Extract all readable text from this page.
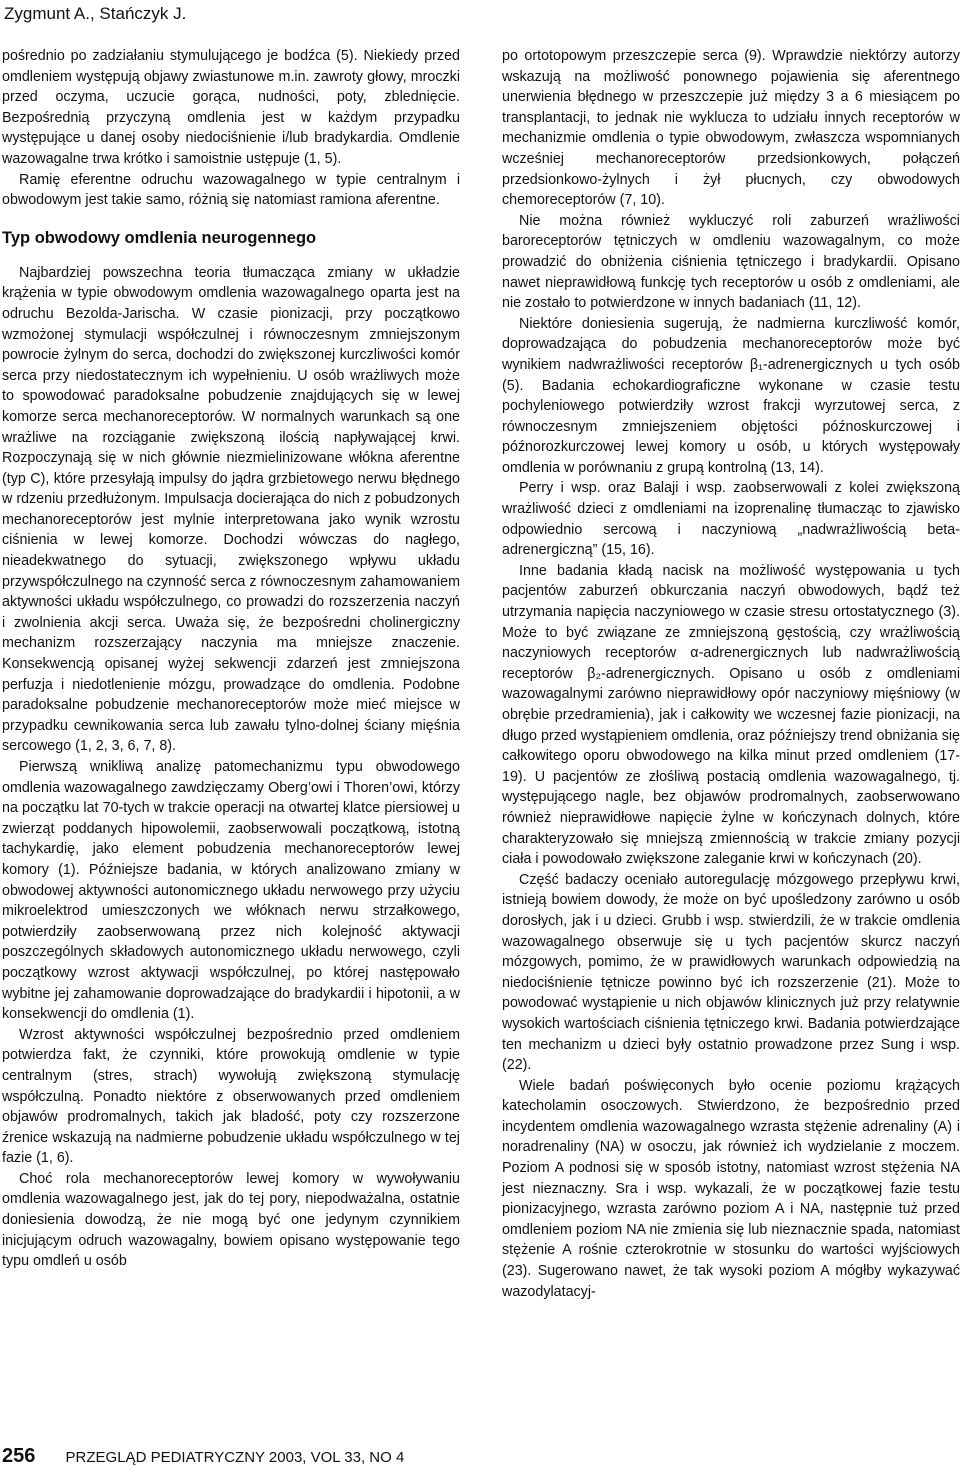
Zygmunt A., Stańczyk J.

pośrednio po zadziałaniu stymulującego je bodźca (5). Niekiedy przed omdleniem występują objawy zwiastunowe m.in. zawroty głowy, mroczki przed oczyma, uczucie gorąca, nudności, poty, zblednięcie. Bezpośrednią przyczyną omdlenia jest w każdym przypadku występujące u danej osoby niedociśnienie i/lub bradykardia. Omdlenie wazowagalne trwa krótko i samoistnie ustępuje (1, 5).

Ramię eferentne odruchu wazowagalnego w typie centralnym i obwodowym jest takie samo, różnią się natomiast ramiona aferentne.

Typ obwodowy omdlenia neurogennego

Najbardziej powszechna teoria tłumacząca zmiany w układzie krążenia w typie obwodowym omdlenia wazowagalnego oparta jest na odruchu Bezolda-Jarischa. W czasie pionizacji, przy początkowo wzmożonej stymulacji współczulnej i równoczesnym zmniejszonym powrocie żylnym do serca, dochodzi do zwiększonej kurczliwości komór serca przy niedostatecznym ich wypełnieniu. U osób wrażliwych może to spowodować paradoksalne pobudzenie znajdujących się w lewej komorze serca mechanoreceptorów. W normalnych warunkach są one wrażliwe na rozciąganie zwiększoną ilością napływającej krwi. Rozpoczynają się w nich głównie niezmielinizowane włókna aferentne (typ C), które przesyłają impulsy do jądra grzbietowego nerwu błędnego w rdzeniu przedłużonym. Impulsacja docierająca do nich z pobudzonych mechanoreceptorów jest mylnie interpretowana jako wynik wzrostu ciśnienia w lewej komorze. Dochodzi wówczas do nagłego, nieadekwatnego do sytuacji, zwiększonego wpływu układu przywspółczulnego na czynność serca z równoczesnym zahamowaniem aktywności układu współczulnego, co prowadzi do rozszerzenia naczyń i zwolnienia akcji serca. Uważa się, że bezpośredni cholinergiczny mechanizm rozszerzający naczynia ma mniejsze znaczenie. Konsekwencją opisanej wyżej sekwencji zdarzeń jest zmniejszona perfuzja i niedotlenienie mózgu, prowadzące do omdlenia. Podobne paradoksalne pobudzenie mechanoreceptorów może mieć miejsce w przypadku cewnikowania serca lub zawału tylno-dolnej ściany mięśnia sercowego (1, 2, 3, 6, 7, 8).

Pierwszą wnikliwą analizę patomechanizmu typu obwodowego omdlenia wazowagalnego zawdzięczamy Oberg’owi i Thoren’owi, którzy na początku lat 70-tych w trakcie operacji na otwartej klatce piersiowej u zwierząt poddanych hipowolemii, zaobserwowali początkową, istotną tachykardię, jako element pobudzenia mechanoreceptorów lewej komory (1). Późniejsze badania, w których analizowano zmiany w obwodowej aktywności autonomicznego układu nerwowego przy użyciu mikroelektrod umieszczonych we włóknach nerwu strzałkowego, potwierdziły zaobserwowaną przez nich kolejność aktywacji poszczególnych składowych autonomicznego układu nerwowego, czyli początkowy wzrost aktywacji współczulnej, po której następowało wybitne jej zahamowanie doprowadzające do bradykardii i hipotonii, a w konsekwencji do omdlenia (1).

Wzrost aktywności współczulnej bezpośrednio przed omdleniem potwierdza fakt, że czynniki, które prowokują omdlenie w typie centralnym (stres, strach) wywołują zwiększoną stymulację współczulną. Ponadto niektóre z obserwowanych przed omdleniem objawów prodromalnych, takich jak bladość, poty czy rozszerzone źrenice wskazują na nadmierne pobudzenie układu współczulnego w tej fazie (1, 6).

Choć rola mechanoreceptorów lewej komory w wywoływaniu omdlenia wazowagalnego jest, jak do tej pory, niepodważalna, ostatnie doniesienia dowodzą, że nie mogą być one jedynym czynnikiem inicjującym odruch wazowagalny, bowiem opisano występowanie tego typu omdleń u osób

po ortotopowym przeszczepie serca (9). Wprawdzie niektórzy autorzy wskazują na możliwość ponownego pojawienia się aferentnego unerwienia błędnego w przeszczepie już między 3 a 6 miesiącem po transplantacji, to jednak nie wyklucza to udziału innych receptorów w mechanizmie omdlenia o typie obwodowym, zwłaszcza wspomnianych wcześniej mechanoreceptorów przedsionkowych, połączeń przedsionkowo-żylnych i żył płucnych, czy obwodowych chemoreceptorów (7, 10).

Nie można również wykluczyć roli zaburzeń wrażliwości baroreceptorów tętniczych w omdleniu wazowagalnym, co może prowadzić do obniżenia ciśnienia tętniczego i bradykardii. Opisano nawet nieprawidłową funkcję tych receptorów u osób z omdleniami, ale nie zostało to potwierdzone w innych badaniach (11, 12).

Niektóre doniesienia sugerują, że nadmierna kurczliwość komór, doprowadzająca do pobudzenia mechanoreceptorów może być wynikiem nadwrażliwości receptorów β₁-adrenergicznych u tych osób (5). Badania echokardiograficzne wykonane w czasie testu pochyleniowego potwierdziły wzrost frakcji wyrzutowej serca, z równoczesnym zmniejszeniem objętości późnoskurczowej i późnorozkurczowej lewej komory u osób, u których występowały omdlenia w porównaniu z grupą kontrolną (13, 14).

Perry i wsp. oraz Balaji i wsp. zaobserwowali z kolei zwiększoną wrażliwość dzieci z omdleniami na izoprenalinę tłumacząc to zjawisko odpowiednio sercową i naczyniową „nadwrażliwością beta-adrenergiczną” (15, 16).

Inne badania kładą nacisk na możliwość występowania u tych pacjentów zaburzeń obkurczania naczyń obwodowych, bądź też utrzymania napięcia naczyniowego w czasie stresu ortostatycznego (3). Może to być związane ze zmniejszoną gęstością, czy wrażliwością naczyniowych receptorów α-adrenergicznych lub nadwrażliwością receptorów β₂-adrenergicznych. Opisano u osób z omdleniami wazowagalnymi zarówno nieprawidłowy opór naczyniowy mięśniowy (w obrębie przedramienia), jak i całkowity we wczesnej fazie pionizacji, na długo przed wystąpieniem omdlenia, oraz późniejszy trend obniżania się całkowitego oporu obwodowego na kilka minut przed omdleniem (17-19). U pacjentów ze złośliwą postacią omdlenia wazowagalnego, tj. występującego nagle, bez objawów prodromalnych, zaobserwowano również nieprawidłowe napięcie żylne w kończynach dolnych, które charakteryzowało się mniejszą zmiennością w trakcie zmiany pozycji ciała i powodowało zwiększone zaleganie krwi w kończynach (20).

Część badaczy oceniało autoregulację mózgowego przepływu krwi, istnieją bowiem dowody, że może on być upośledzony zarówno u osób dorosłych, jak i u dzieci. Grubb i wsp. stwierdzili, że w trakcie omdlenia wazowagalnego obserwuje się u tych pacjentów skurcz naczyń mózgowych, pomimo, że w prawidłowych warunkach odpowiedzią na niedociśnienie tętnicze powinno być ich rozszerzenie (21). Może to powodować wystąpienie u nich objawów klinicznych już przy relatywnie wysokich wartościach ciśnienia tętniczego krwi. Badania potwierdzające ten mechanizm u dzieci były ostatnio prowadzone przez Sung i wsp. (22).

Wiele badań poświęconych było ocenie poziomu krążących katecholamin osoczowych. Stwierdzono, że bezpośrednio przed incydentem omdlenia wazowagalnego wzrasta stężenie adrenaliny (A) i noradrenaliny (NA) w osoczu, jak również ich wydzielanie z moczem. Poziom A podnosi się w sposób istotny, natomiast wzrost stężenia NA jest nieznaczny. Sra i wsp. wykazali, że w początkowej fazie testu pionizacyjnego, wzrasta zarówno poziom A i NA, następnie tuż przed omdleniem poziom NA nie zmienia się lub nieznacznie spada, natomiast stężenie A rośnie czterokrotnie w stosunku do wartości wyjściowych (23). Sugerowano nawet, że tak wysoki poziom A mógłby wykazywać wazodylatacyj-

256 PRZEGLĄD PEDIATRYCZNY 2003, VOL 33, NO 4
